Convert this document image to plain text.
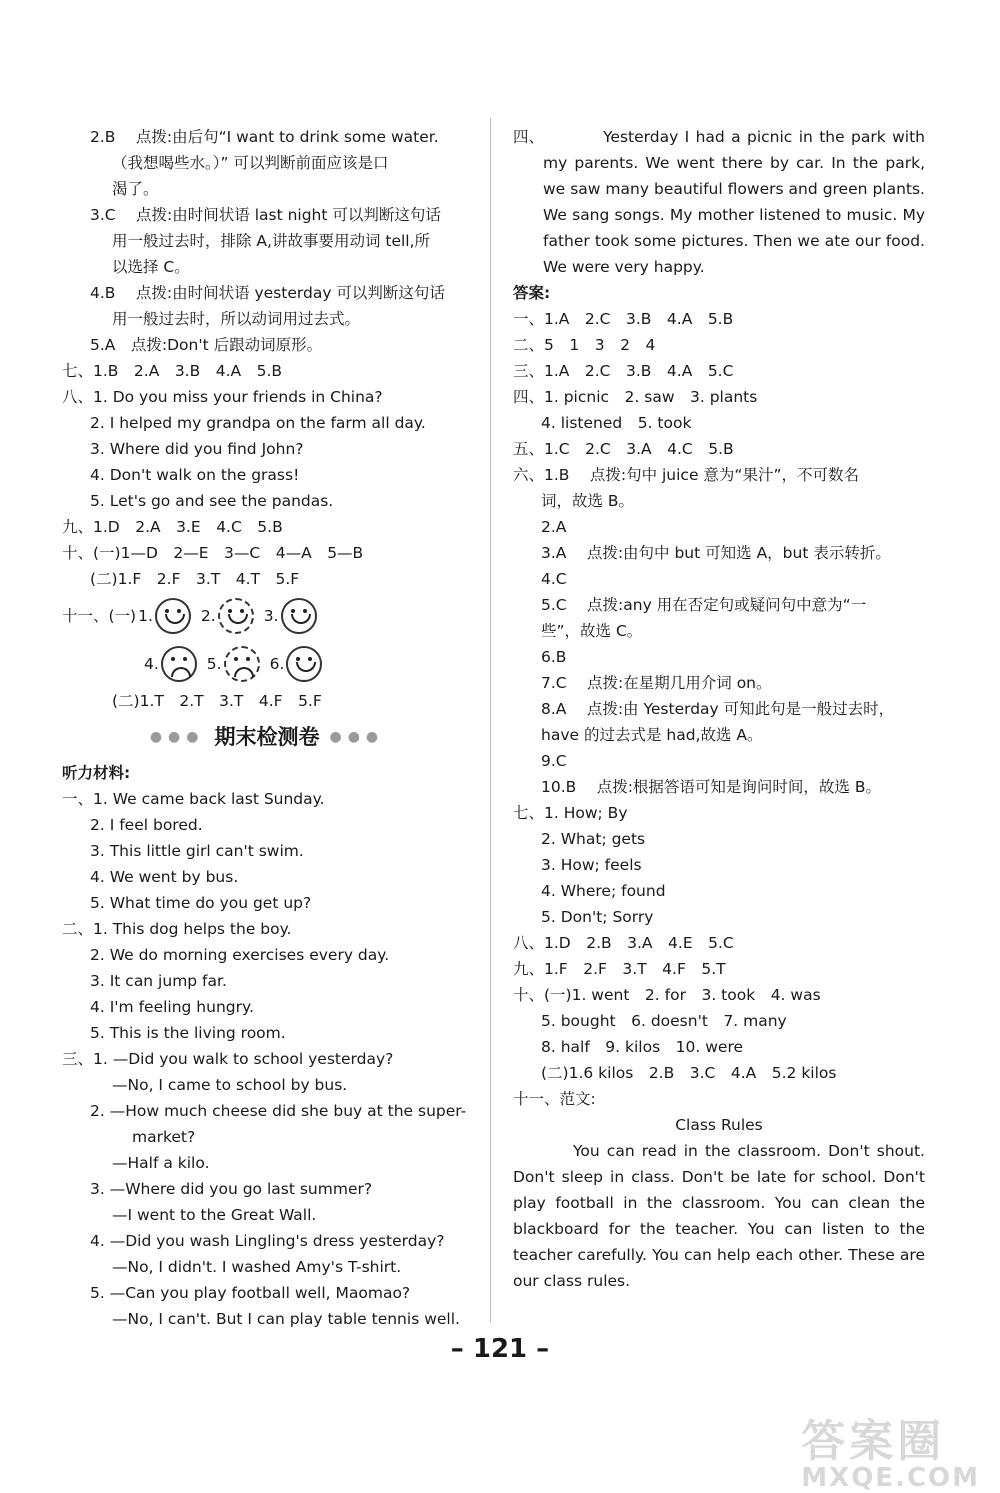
2.B　 点拨:由后句“I want to drink some water.
（我想喝些水。）” 可以判断前面应该是口
渴了。
3.C　 点拨:由时间状语 last night 可以判断这句话
用一般过去时，排除 A,讲故事要用动词 tell,所
以选择 C。
4.B　 点拨:由时间状语 yesterday 可以判断这句话
用一般过去时，所以动词用过去式。
5.A　点拨:Don't 后跟动词原形。
七、1.B　2.A　3.B　4.A　5.B
八、1. Do you miss your friends in China?
2. I helped my grandpa on the farm all day.
3. Where did you find John?
4. Don't walk on the grass!
5. Let's go and see the pandas.
九、1.D　2.A　3.E　4.C　5.B
十、(一)1—D　2—E　3—C　4—A　5—B
(二)1.F　2.F　3.T　4.T　5.F
十一、(一) 1.	2.	3.
4.	5.	6.
(二)1.T　2.T　3.T　4.F　5.F
●●● 期末检测卷 ●●●
听力材料:
一、1. We came back last Sunday.
2. I feel bored.
3. This little girl can't swim.
4. We went by bus.
5. What time do you get up?
二、1. This dog helps the boy.
2. We do morning exercises every day.
3. It can jump far.
4. I'm feeling hungry.
5. This is the living room.
三、1. —Did you walk to school yesterday?
—No, I came to school by bus.
2. —How much cheese did she buy at the super-
market?
—Half a kilo.
3. —Where did you go last summer?
—I went to the Great Wall.
4. —Did you wash Lingling's dress yesterday?
—No, I didn't. I washed Amy's T-shirt.
5. —Can you play football well, Maomao?
—No, I can't. But I can play table tennis well.
四、	Yesterday I had a picnic in the park with my parents. We went there by car. In the park, we saw many beautiful flowers and green plants. We sang songs. My mother listened to music. My father took some pictures. Then we ate our food. We were very happy.
答案:
一、1.A　2.C　3.B　4.A　5.B
二、5　1　3　2　4
三、1.A　2.C　3.B　4.A　5.C
四、1. picnic　2. saw　3. plants
4. listened　5. took
五、1.C　2.C　3.A　4.C　5.B
六、1.B　 点拨:句中 juice 意为“果汁”，不可数名
词，故选 B。
2.A
3.A　 点拨:由句中 but 可知选 A，but 表示转折。
4.C
5.C　 点拨:any 用在否定句或疑问句中意为“一
些”，故选 C。
6.B
7.C　 点拨:在星期几用介词 on。
8.A　 点拨:由 Yesterday 可知此句是一般过去时，
have 的过去式是 had,故选 A。
9.C
10.B　 点拨:根据答语可知是询问时间，故选 B。
七、1. How; By
2. What; gets
3. How; feels
4. Where; found
5. Don't; Sorry
八、1.D　2.B　3.A　4.E　5.C
九、1.F　2.F　3.T　4.F　5.T
十、(一)1. went　2. for　3. took　4. was
5. bought　6. doesn't　7. many
8. half　9. kilos　10. were
(二)1.6 kilos　2.B　3.C　4.A　5.2 kilos
十一、范文:
Class Rules
You can read in the classroom. Don't shout. Don't sleep in class. Don't be late for school. Don't play football in the classroom. You can clean the blackboard for the teacher. You can listen to the teacher carefully. You can help each other. These are our class rules.
– 121 –
答案圈
MXQE.COM
